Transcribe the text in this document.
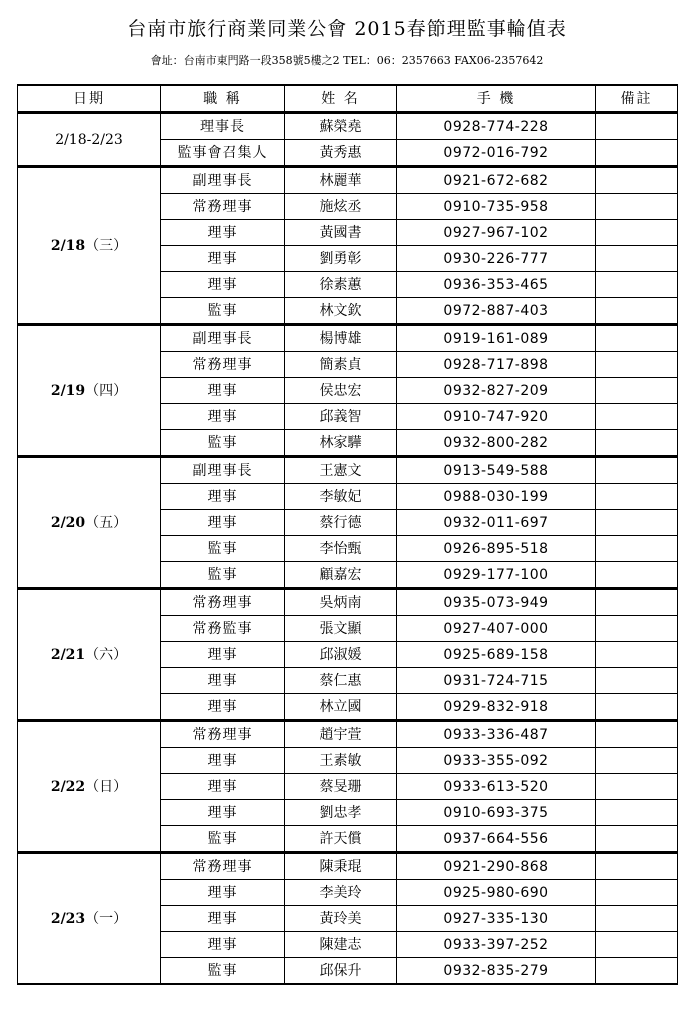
台南市旅行商業同業公會 2015春節理監事輪值表
會址：台南市東門路一段358號5樓之2 TEL：06：2357663 FAX06-2357642
日期	職 稱	姓 名	手 機	備註
2/18-2/23	理事長	蘇榮堯	0928-774-228	
	監事會召集人	黃秀惠	0972-016-792	
2/18（三）	副理事長	林麗華	0921-672-682	
	常務理事	施炫丞	0910-735-958	
	理事	黃國書	0927-967-102	
	理事	劉勇彰	0930-226-777	
	理事	徐素蕙	0936-353-465	
	監事	林文欽	0972-887-403	
2/19（四）	副理事長	楊博雄	0919-161-089	
	常務理事	簡素貞	0928-717-898	
	理事	侯忠宏	0932-827-209	
	理事	邱義智	0910-747-920	
	監事	林家驊	0932-800-282	
2/20（五）	副理事長	王憲文	0913-549-588	
	理事	李敏妃	0988-030-199	
	理事	蔡行德	0932-011-697	
	監事	李怡甄	0926-895-518	
	監事	顧嘉宏	0929-177-100	
2/21（六）	常務理事	吳炳南	0935-073-949	
	常務監事	張文顯	0927-407-000	
	理事	邱淑媛	0925-689-158	
	理事	蔡仁惠	0931-724-715	
	理事	林立國	0929-832-918	
2/22（日）	常務理事	趙宇萱	0933-336-487	
	理事	王素敏	0933-355-092	
	理事	蔡旻珊	0933-613-520	
	理事	劉忠孝	0910-693-375	
	監事	許天償	0937-664-556	
2/23（一）	常務理事	陳秉琨	0921-290-868	
	理事	李美玲	0925-980-690	
	理事	黃玲美	0927-335-130	
	理事	陳建志	0933-397-252	
	監事	邱保升	0932-835-279	
